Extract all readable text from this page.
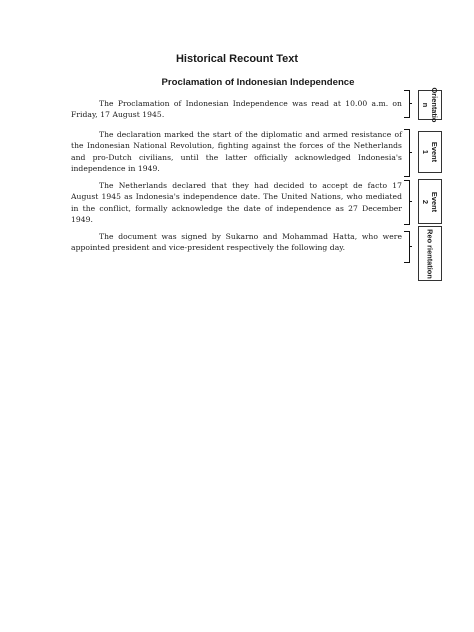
Historical Recount Text
Proclamation of Indonesian Independence

The Proclamation of Indonesian Independence was read at 10.00 a.m. on Friday, 17 August 1945.

The declaration marked the start of the diplomatic and armed resistance of the Indonesian National Revolution, fighting against the forces of the Netherlands and pro-Dutch civilians, until the latter officially acknowledged Indonesia's independence in 1949.

The Netherlands declared that they had decided to accept de facto 17 August 1945 as Indonesia's independence date. The United Nations, who mediated in the conflict, formally acknowledge the date of independence as 27 December 1949.

The document was signed by Sukarno and Mohammad Hatta, who were appointed president and vice-president respectively the following day.

Orientatio
n
Event
1
Event
2
Reo rientation
